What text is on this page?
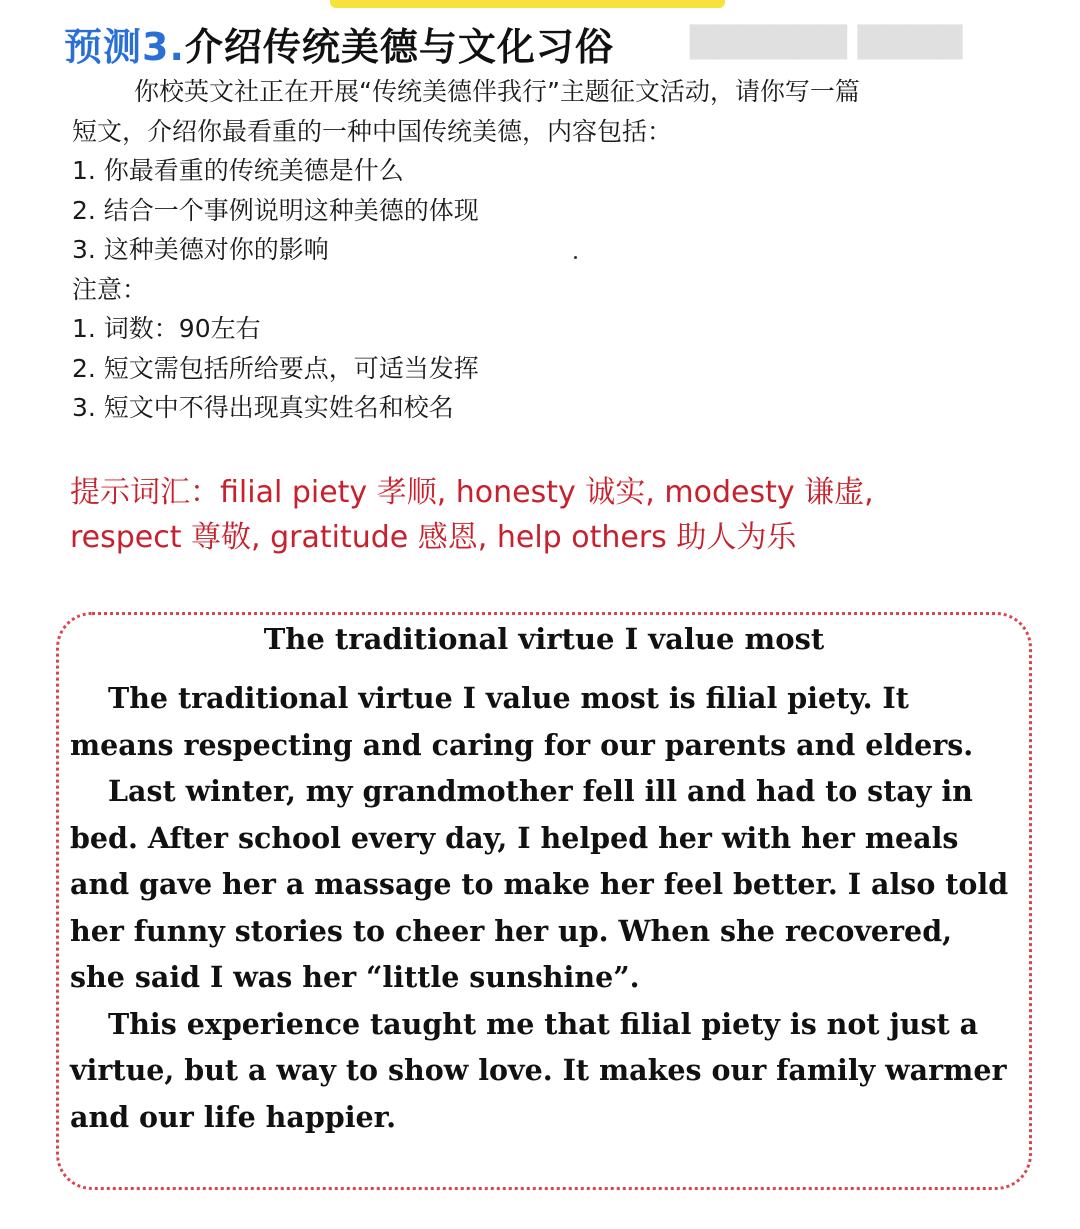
▇▇▇▇ ▇▇▇▇▇▇
预测3.介绍传统美德与文化习俗

你校英文社正在开展“传统美德伴我行”主题征文活动，请你写一篇

短文，介绍你最看重的一种中国传统美德，内容包括：

1. 你最看重的传统美德是什么

2. 结合一个事例说明这种美德的体现

3. 这种美德对你的影响

注意：

1. 词数：90左右

2. 短文需包括所给要点，可适当发挥

3. 短文中不得出现真实姓名和校名

提示词汇：filial piety 孝顺, honesty 诚实, modesty 谦虚,
respect 尊敬, gratitude 感恩, help others 助人为乐
The traditional virtue I value most

The traditional virtue I value most is filial piety. It means respecting and caring for our parents and elders.

Last winter, my grandmother fell ill and had to stay in bed. After school every day, I helped her with her meals and gave her a massage to make her feel better. I also told her funny stories to cheer her up. When she recovered, she said I was her “little sunshine”.

This experience taught me that filial piety is not just a virtue, but a way to show love. It makes our family warmer and our life happier.
